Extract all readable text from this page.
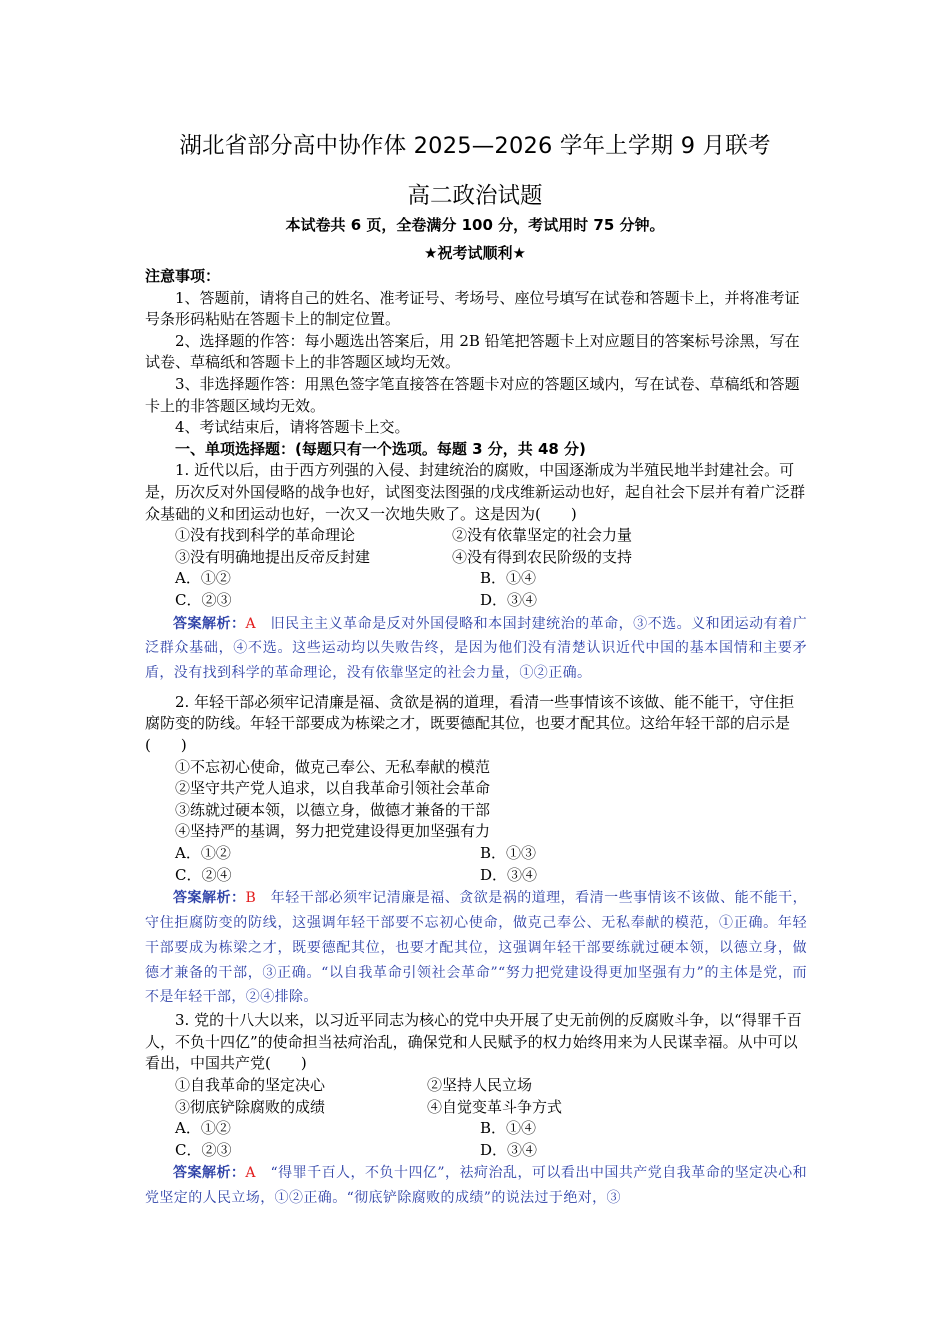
湖北省部分高中协作体 2025—2026 学年上学期 9 月联考
高二政治试题
本试卷共 6 页，全卷满分 100 分，考试用时 75 分钟。
★祝考试顺利★

注意事项：

1、答题前，请将自己的姓名、准考证号、考场号、座位号填写在试卷和答题卡上，并将准考证号条形码粘贴在答题卡上的制定位置。

2、选择题的作答：每小题选出答案后，用 2B 铅笔把答题卡上对应题目的答案标号涂黑，写在试卷、草稿纸和答题卡上的非答题区域均无效。

3、非选择题作答：用黑色签字笔直接答在答题卡对应的答题区域内，写在试卷、草稿纸和答题卡上的非答题区域均无效。

4、考试结束后，请将答题卡上交。

一、单项选择题：(每题只有一个选项。每题 3 分，共 48 分)

1. 近代以后，由于西方列强的入侵、封建统治的腐败，中国逐渐成为半殖民地半封建社会。可是，历次反对外国侵略的战争也好，试图变法图强的戊戌维新运动也好，起自社会下层并有着广泛群众基础的义和团运动也好，一次又一次地失败了。这是因为(　　)

①没有找到科学的革命理论	②没有依靠坚定的社会力量
③没有明确地提出反帝反封建	④没有得到农民阶级的支持
A．①②	B．①④
C．②③	D．③④

答案解析：A　 旧民主主义革命是反对外国侵略和本国封建统治的革命，③不选。义和团运动有着广泛群众基础，④不选。这些运动均以失败告终，是因为他们没有清楚认识近代中国的基本国情和主要矛盾，没有找到科学的革命理论，没有依靠坚定的社会力量，①②正确。

2. 年轻干部必须牢记清廉是福、贪欲是祸的道理，看清一些事情该不该做、能不能干，守住拒腐防变的防线。年轻干部要成为栋梁之才，既要德配其位，也要才配其位。这给年轻干部的启示是(　　)

①不忘初心使命，做克己奉公、无私奉献的模范

②坚守共产党人追求，以自我革命引领社会革命

③练就过硬本领，以德立身，做德才兼备的干部

④坚持严的基调，努力把党建设得更加坚强有力

A．①②	B．①③
C．②④	D．③④

答案解析：B　 年轻干部必须牢记清廉是福、贪欲是祸的道理，看清一些事情该不该做、能不能干，守住拒腐防变的防线，这强调年轻干部要不忘初心使命，做克己奉公、无私奉献的模范，①正确。年轻干部要成为栋梁之才，既要德配其位，也要才配其位，这强调年轻干部要练就过硬本领，以德立身，做德才兼备的干部，③正确。“以自我革命引领社会革命”“努力把党建设得更加坚强有力”的主体是党，而不是年轻干部，②④排除。

3. 党的十八大以来，以习近平同志为核心的党中央开展了史无前例的反腐败斗争，以“得罪千百人，不负十四亿”的使命担当祛疴治乱，确保党和人民赋予的权力始终用来为人民谋幸福。从中可以看出，中国共产党(　　)

①自我革命的坚定决心	②坚持人民立场
③彻底铲除腐败的成绩	④自觉变革斗争方式
A．①②	B．①④
C．②③	D．③④

答案解析：A　 “得罪千百人，不负十四亿”，祛疴治乱，可以看出中国共产党自我革命的坚定决心和党坚定的人民立场，①②正确。“彻底铲除腐败的成绩”的说法过于绝对，③
